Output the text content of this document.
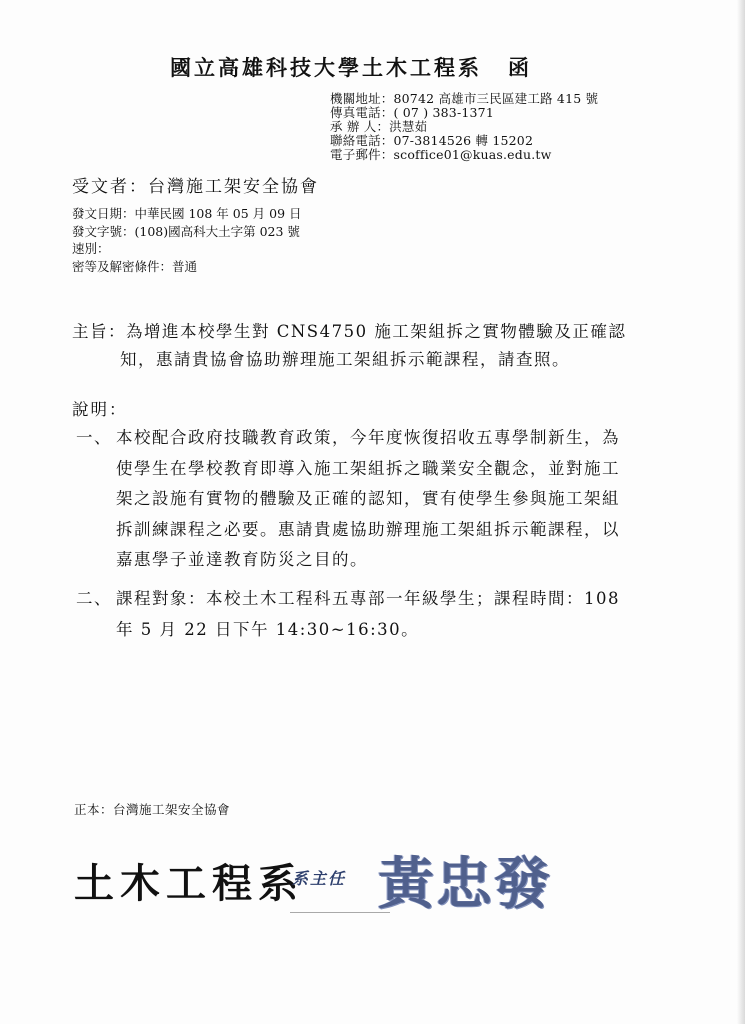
國立高雄科技大學土木工程系 函
機關地址：80742 高雄市三民區建工路 415 號
傳真電話：( 07 ) 383-1371
承 辦 人：洪慧茹
聯絡電話：07-3814526 轉 15202
電子郵件：scoffice01@kuas.edu.tw
受文者：台灣施工架安全協會
發文日期：中華民國 108 年 05 月 09 日
發文字號：(108)國高科大土字第 023 號
速別：
密等及解密條件：普通
主旨：為增進本校學生對 CNS4750 施工架組拆之實物體驗及正確認
知，惠請貴協會協助辦理施工架組拆示範課程，請查照。
說明：
一、 本校配合政府技職教育政策，今年度恢復招收五專學制新生，為
使學生在學校教育即導入施工架組拆之職業安全觀念，並對施工
架之設施有實物的體驗及正確的認知，實有使學生參與施工架組
拆訓練課程之必要。惠請貴處協助辦理施工架組拆示範課程，以
嘉惠學子並達教育防災之目的。
二、 課程對象：本校土木工程科五專部一年級學生；課程時間：108
年 5 月 22 日下午 14:30~16:30。
正本：台灣施工架安全協會
土木工程系
系主任 黃忠發
